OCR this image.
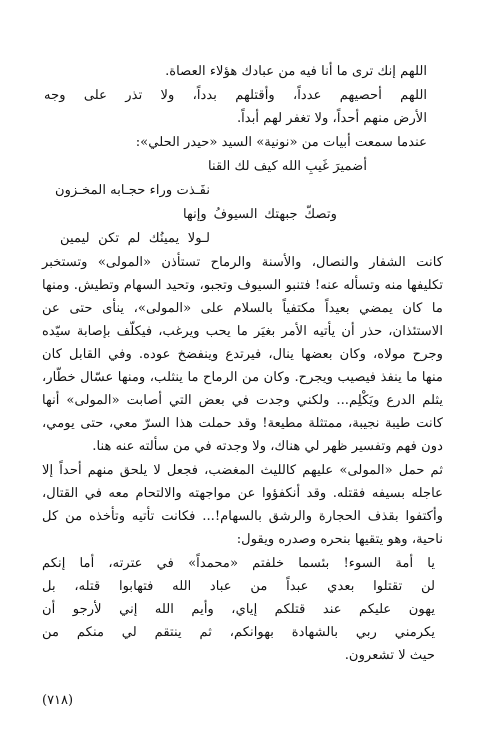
اللهم إنك ترى ما أنا فيه من عبادك هؤلاء العصاة.
اللهم أحصيهم عدداً، وأقتلهم بدداً، ولا تذر على وجه
الأرض منهم أحداً، ولا تغفر لهم أبداً.
عندما سمعت أبيات من «نونية» السيد «حيدر الحلي»:
أضميرَ غَيبِ الله كيف لك القنا
نفَـذت وراء حجـابه المخـزون
وتصكّ جبهتك السيوفُ وإنها
لـولا يمينُك لم تكن ليمين
كانت الشفار والنصال، والأسنة والرماح تستأذن «المولى» وتستخبر
تكليفها منه وتسأله عنه! فتنبو السيوف وتجبو، وتحيد السهام وتطيش. ومنها
ما كان يمضي بعيداً مكتفياً بالسلام على «المولى»، ينأى حتى عن
الاستئذان، حذر أن يأتيه الأمر بغيَر ما يحب ويرغب، فيكلّف بإصابة سيّده
وجرح مولاه، وكان بعضها ينال، فيرتدع وينفضخ عوده. وفي القابل كان
منها ما ينفذ فيصيب ويجرح. وكان من الرماح ما ينثلب، ومنها عسّال خطّار،
يثلم الدرع ويَكْلِم... ولكني وجدت في بعض التي أصابت «المولى» أنها
كانت طيبة نجيبة، ممتثلة مطيعة! وقد حملت هذا السرّ معي، حتى يومي،
دون فهم وتفسير ظهر لي هناك، ولا وجدته في من سألته عنه هنا.
ثم حمل «المولى» عليهم كالليث المغضب، فجعل لا يلحق منهم أحداً إلا
عاجله بسيفه فقتله. وقد أنكفؤوا عن مواجهته والالتحام معه في القتال،
وأكتفوا بقذف الحجارة والرشق بالسهام!... فكانت تأتيه وتأخذه من كل
ناحية، وهو يتقيها بنحره وصدره ويقول:
يا أمة السوء! بئسما خلفتم «محمداً» في عترته، أما إنكم
لن تقتلوا بعدي عبداً من عباد الله فتهابوا قتله، بل
يهون عليكم عند قتلكم إياي، وأيم الله إني لأرجو أن
يكرمني ربي بالشهادة بهوانكم، ثم ينتقم لي منكم من
حيث لا تشعرون.
(٧١٨)
